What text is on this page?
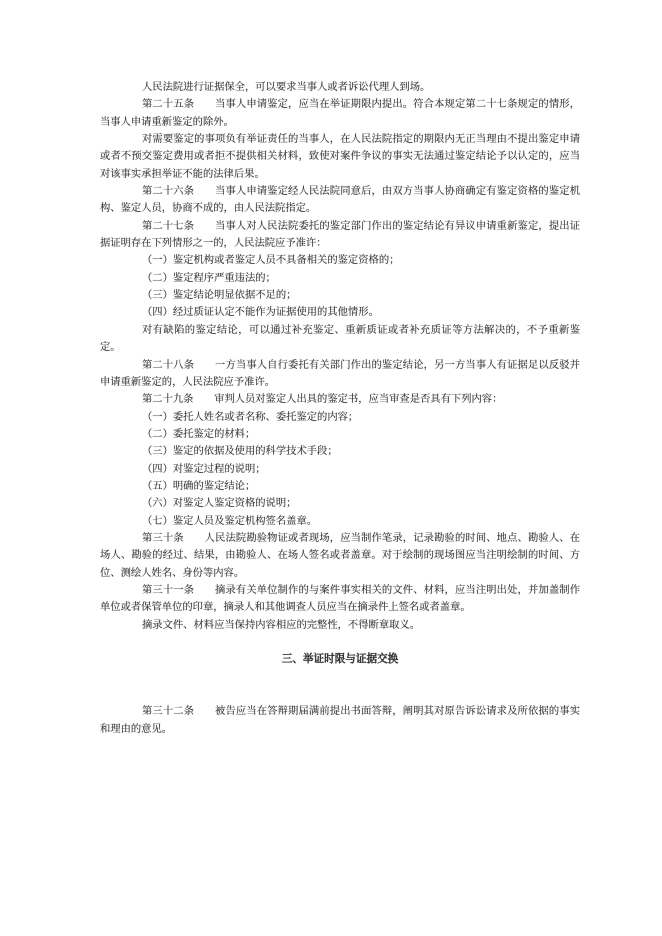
人民法院进行证据保全，可以要求当事人或者诉讼代理人到场。

第二十五条　　当事人申请鉴定，应当在举证期限内提出。符合本规定第二十七条规定的情形，当事人申请重新鉴定的除外。

对需要鉴定的事项负有举证责任的当事人，在人民法院指定的期限内无正当理由不提出鉴定申请或者不预交鉴定费用或者拒不提供相关材料，致使对案件争议的事实无法通过鉴定结论予以认定的，应当对该事实承担举证不能的法律后果。

第二十六条　　当事人申请鉴定经人民法院同意后，由双方当事人协商确定有鉴定资格的鉴定机构、鉴定人员，协商不成的，由人民法院指定。

第二十七条　　当事人对人民法院委托的鉴定部门作出的鉴定结论有异议申请重新鉴定，提出证据证明存在下列情形之一的，人民法院应予准许：

（一）鉴定机构或者鉴定人员不具备相关的鉴定资格的；

（二）鉴定程序严重违法的；

（三）鉴定结论明显依据不足的；

（四）经过质证认定不能作为证据使用的其他情形。

对有缺陷的鉴定结论，可以通过补充鉴定、重新质证或者补充质证等方法解决的，不予重新鉴定。

第二十八条　　一方当事人自行委托有关部门作出的鉴定结论，另一方当事人有证据足以反驳并申请重新鉴定的，人民法院应予准许。

第二十九条　　审判人员对鉴定人出具的鉴定书，应当审查是否具有下列内容：

（一）委托人姓名或者名称、委托鉴定的内容；

（二）委托鉴定的材料；

（三）鉴定的依据及使用的科学技术手段；

（四）对鉴定过程的说明；

（五）明确的鉴定结论；

（六）对鉴定人鉴定资格的说明；

（七）鉴定人员及鉴定机构签名盖章。

第三十条　　人民法院勘验物证或者现场，应当制作笔录，记录勘验的时间、地点、勘验人、在场人、勘验的经过、结果，由勘验人、在场人签名或者盖章。对于绘制的现场图应当注明绘制的时间、方位、测绘人姓名、身份等内容。

第三十一条　　摘录有关单位制作的与案件事实相关的文件、材料，应当注明出处，并加盖制作单位或者保管单位的印章，摘录人和其他调查人员应当在摘录件上签名或者盖章。

摘录文件、材料应当保持内容相应的完整性，不得断章取义。

三、举证时限与证据交换

第三十二条　　被告应当在答辩期届满前提出书面答辩，阐明其对原告诉讼请求及所依据的事实和理由的意见。
